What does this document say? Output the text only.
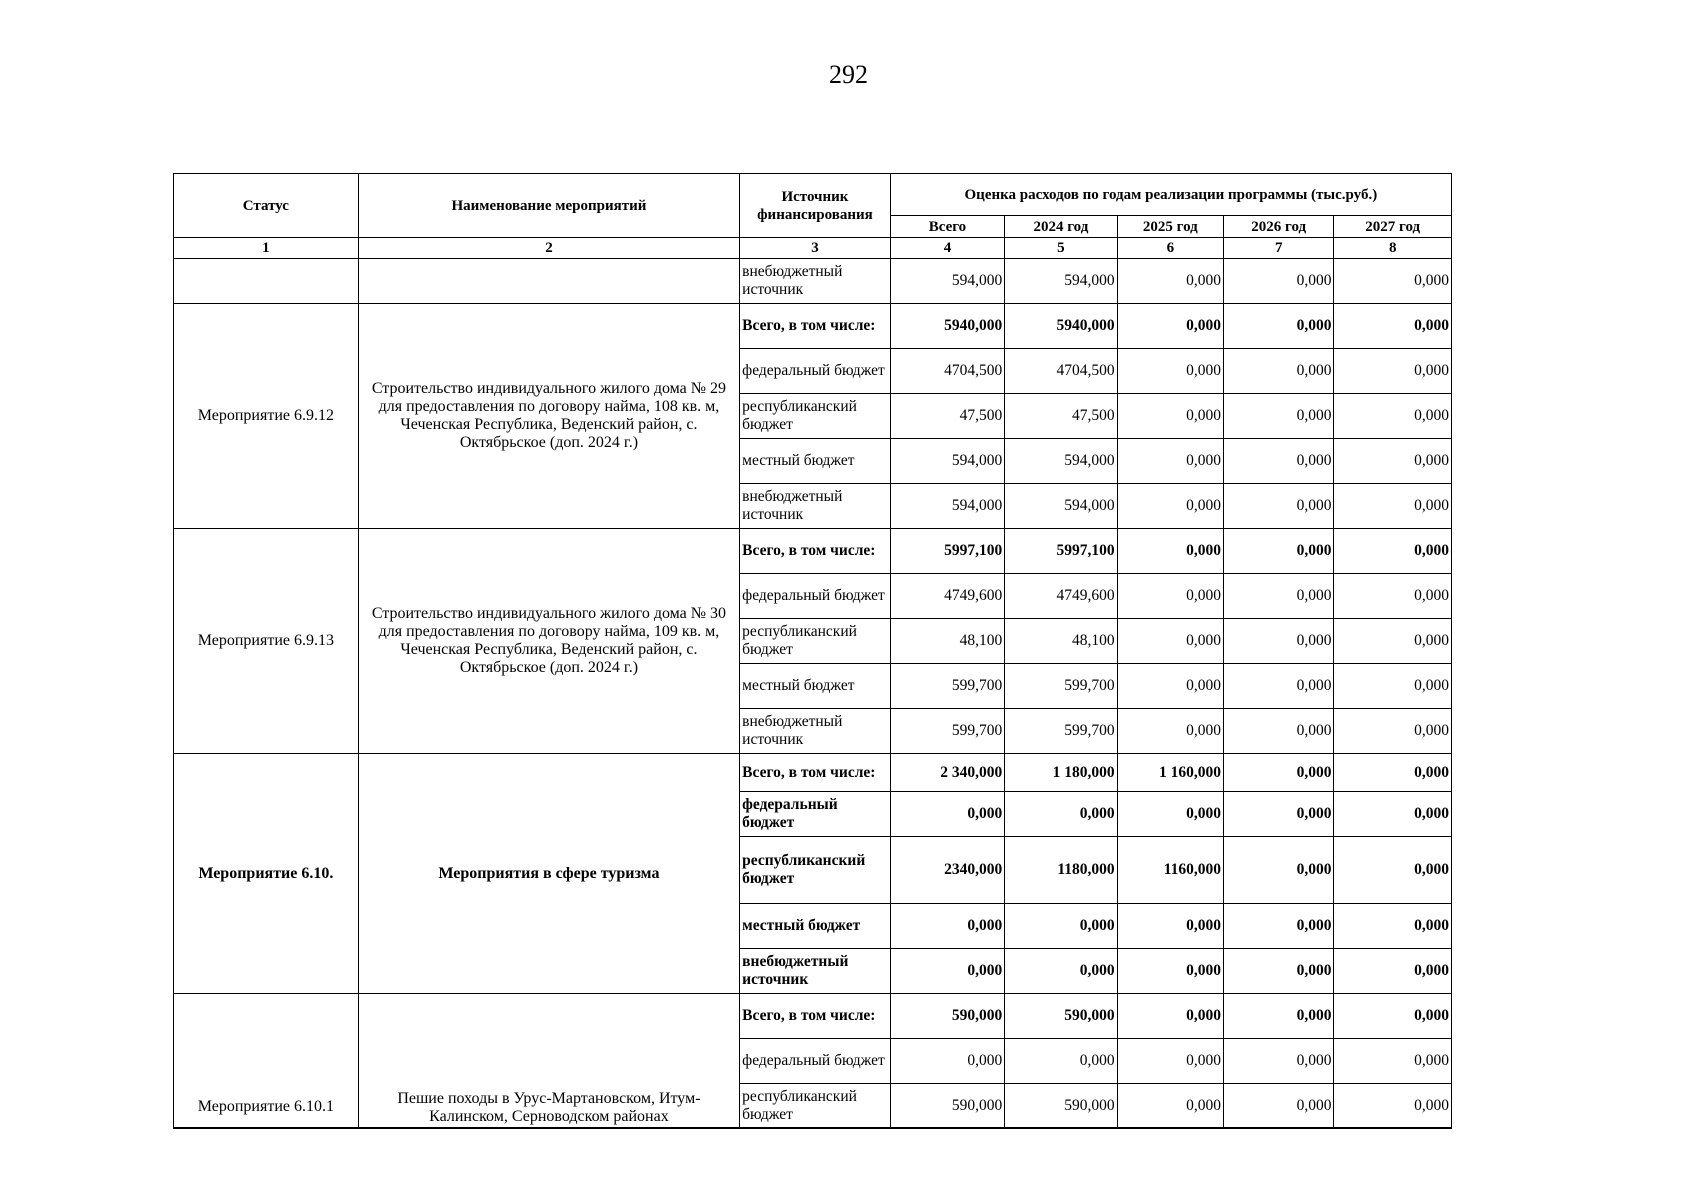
292
Статус	Наименование мероприятий	Источник финансирования	Оценка расходов по годам реализации программы (тыс.руб.)				
			Всего	2024 год	2025 год	2026 год	2027 год
1	2	3	4	5	6	7	8
		внебюджетный источник	594,000	594,000	0,000	0,000	0,000
Мероприятие 6.9.12	Строительство индивидуального жилого дома № 29 для предоставления по договору найма, 108 кв. м, Чеченская Республика, Веденский район, с. Октябрьское (доп. 2024 г.)	Всего, в том числе:	5940,000	5940,000	0,000	0,000	0,000
		федеральный бюджет	4704,500	4704,500	0,000	0,000	0,000
		республиканский бюджет	47,500	47,500	0,000	0,000	0,000
		местный бюджет	594,000	594,000	0,000	0,000	0,000
		внебюджетный источник	594,000	594,000	0,000	0,000	0,000
Мероприятие 6.9.13	Строительство индивидуального жилого дома № 30 для предоставления по договору найма, 109 кв. м, Чеченская Республика, Веденский район, с. Октябрьское (доп. 2024 г.)	Всего, в том числе:	5997,100	5997,100	0,000	0,000	0,000
		федеральный бюджет	4749,600	4749,600	0,000	0,000	0,000
		республиканский бюджет	48,100	48,100	0,000	0,000	0,000
		местный бюджет	599,700	599,700	0,000	0,000	0,000
		внебюджетный источник	599,700	599,700	0,000	0,000	0,000
Мероприятие 6.10.	Мероприятия в сфере туризма	Всего, в том числе:	2 340,000	1 180,000	1 160,000	0,000	0,000
		федеральный бюджет	0,000	0,000	0,000	0,000	0,000
		республиканский бюджет	2340,000	1180,000	1160,000	0,000	0,000
		местный бюджет	0,000	0,000	0,000	0,000	0,000
		внебюджетный источник	0,000	0,000	0,000	0,000	0,000
Мероприятие 6.10.1	Пешие походы в Урус-Мартановском, Итум-Калинском, Серноводском районах	Всего, в том числе:	590,000	590,000	0,000	0,000	0,000
		федеральный бюджет	0,000	0,000	0,000	0,000	0,000
		республиканский бюджет	590,000	590,000	0,000	0,000	0,000
